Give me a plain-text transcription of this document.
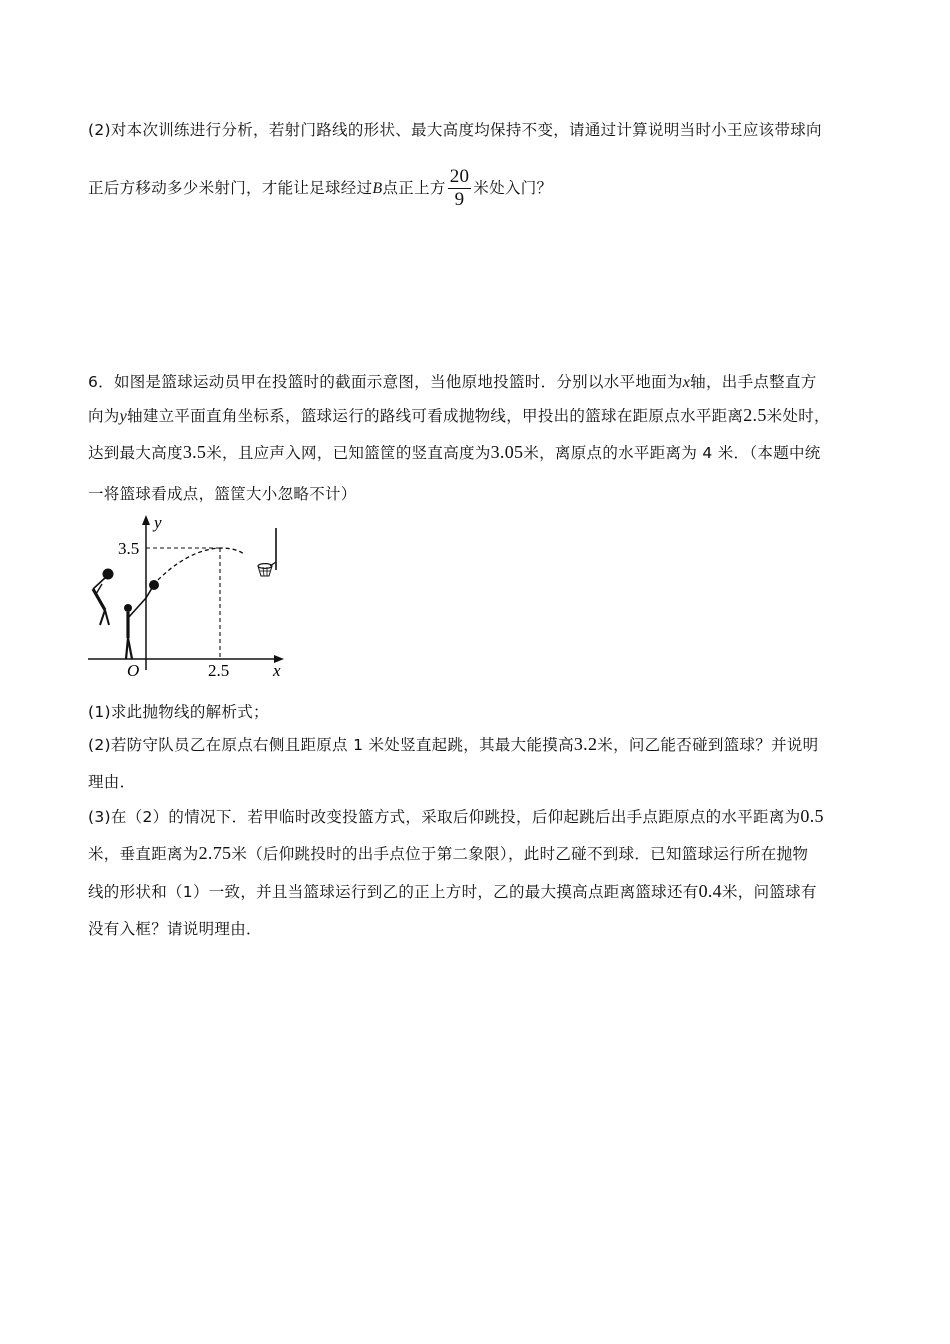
(2)对本次训练进行分析，若射门路线的形状、最大高度均保持不变，请通过计算说明当时小王应该带球向
正后方移动多少米射门，才能让足球经过B点正上方 $\frac{20}{9}$ 米处入门？
6．如图是篮球运动员甲在投篮时的截面示意图，当他原地投篮时．分别以水平地面为x轴，出手点整直方
向为y轴建立平面直角坐标系，篮球运行的路线可看成抛物线，甲投出的篮球在距原点水平距离2.5米处时，
达到最大高度3.5米，且应声入网，已知篮筐的竖直高度为3.05米，离原点的水平距离为 4 米．（本题中统
一将篮球看成点，篮筐大小忽略不计）
y
x
O
3.5
2.5
(1)求此抛物线的解析式；
(2)若防守队员乙在原点右侧且距原点 1 米处竖直起跳，其最大能摸高3.2米，问乙能否碰到篮球？并说明
理由．
(3)在（2）的情况下．若甲临时改变投篮方式，采取后仰跳投，后仰起跳后出手点距原点的水平距离为0.5
米，垂直距离为2.75米（后仰跳投时的出手点位于第二象限），此时乙碰不到球．已知篮球运行所在抛物
线的形状和（1）一致，并且当篮球运行到乙的正上方时，乙的最大摸高点距离篮球还有0.4米，问篮球有
没有入框？请说明理由．
